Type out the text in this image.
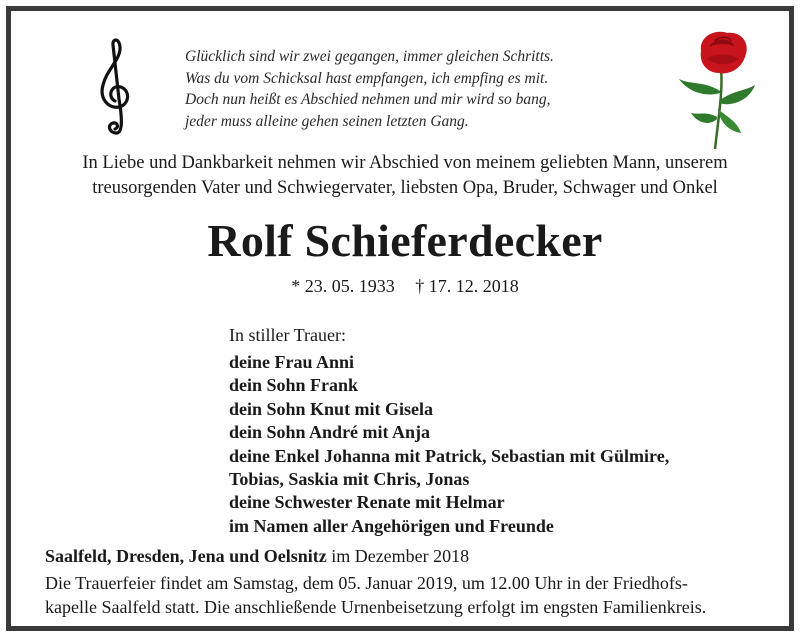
Glücklich sind wir zwei gegangen, immer gleichen Schritts.
Was du vom Schicksal hast empfangen, ich empfing es mit.
Doch nun heißt es Abschied nehmen und mir wird so bang,
jeder muss alleine gehen seinen letzten Gang.
In Liebe und Dankbarkeit nehmen wir Abschied von meinem geliebten Mann, unserem
treusorgenden Vater und Schwiegervater, liebsten Opa, Bruder, Schwager und Onkel
Rolf Schieferdecker
* 23. 05. 1933 † 17. 12. 2018
In stiller Trauer:
deine Frau Anni
dein Sohn Frank
dein Sohn Knut mit Gisela
dein Sohn André mit Anja
deine Enkel Johanna mit Patrick, Sebastian mit Gülmire,
Tobias, Saskia mit Chris, Jonas
deine Schwester Renate mit Helmar
im Namen aller Angehörigen und Freunde
Saalfeld, Dresden, Jena und Oelsnitz im Dezember 2018
Die Trauerfeier findet am Samstag, dem 05. Januar 2019, um 12.00 Uhr in der Friedhofs-
kapelle Saalfeld statt. Die anschließende Urnenbeisetzung erfolgt im engsten Familienkreis.
